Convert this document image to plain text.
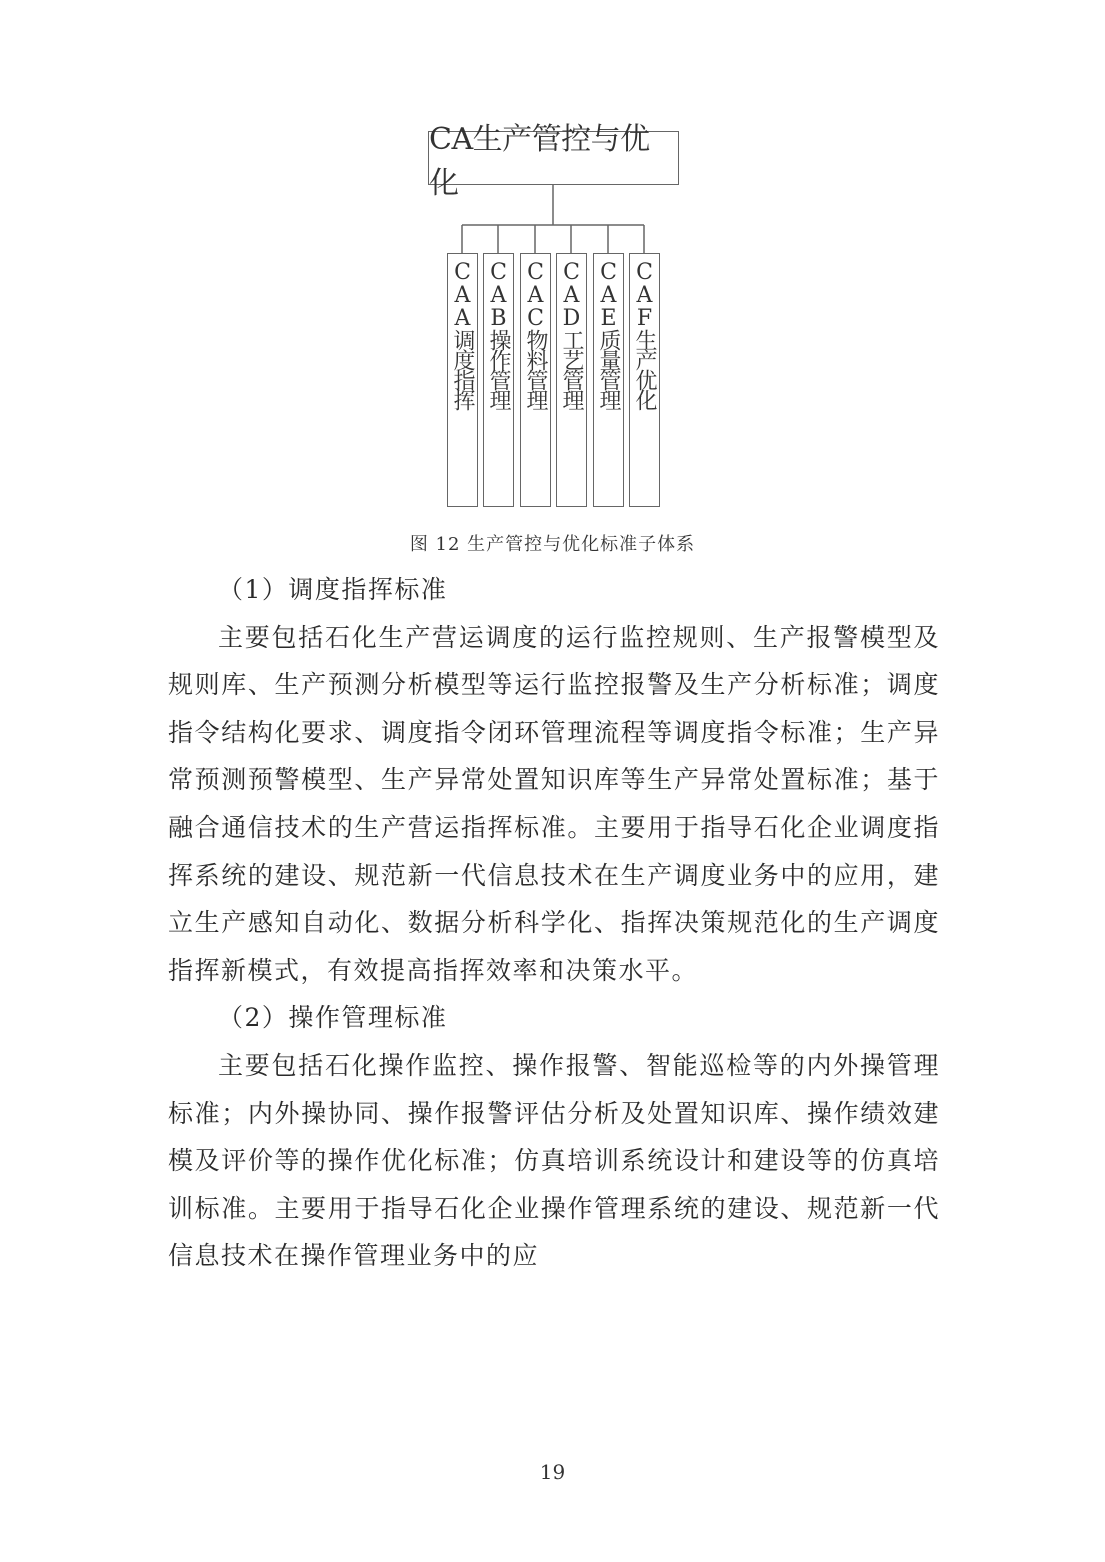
CA生产管控与优化
CAA调度指挥 CAB操作管理 CAC物料管理 CAD工艺管理 CAE质量管理 CAF生产优化
图 12 生产管控与优化标准子体系

（1）调度指挥标准

主要包括石化生产营运调度的运行监控规则、生产报警模型及规则库、生产预测分析模型等运行监控报警及生产分析标准；调度指令结构化要求、调度指令闭环管理流程等调度指令标准；生产异常预测预警模型、生产异常处置知识库等生产异常处置标准；基于融合通信技术的生产营运指挥标准。主要用于指导石化企业调度指挥系统的建设、规范新一代信息技术在生产调度业务中的应用，建立生产感知自动化、数据分析科学化、指挥决策规范化的生产调度指挥新模式，有效提高指挥效率和决策水平。

（2）操作管理标准

主要包括石化操作监控、操作报警、智能巡检等的内外操管理标准；内外操协同、操作报警评估分析及处置知识库、操作绩效建模及评价等的操作优化标准；仿真培训系统设计和建设等的仿真培训标准。主要用于指导石化企业操作管理系统的建设、规范新一代信息技术在操作管理业务中的应

19
